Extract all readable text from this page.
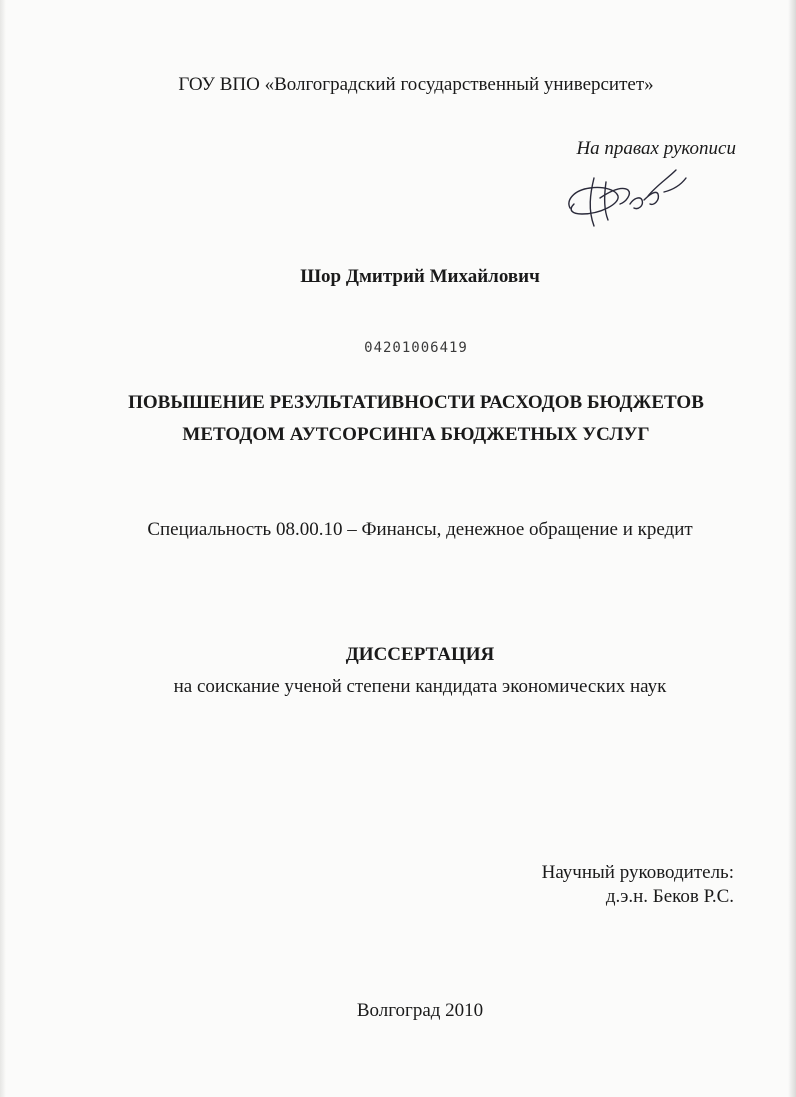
ГОУ ВПО «Волгоградский государственный университет»
На правах рукописи
Шор Дмитрий Михайлович
04201006419
ПОВЫШЕНИЕ РЕЗУЛЬТАТИВНОСТИ РАСХОДОВ БЮДЖЕТОВ
МЕТОДОМ АУТСОРСИНГА БЮДЖЕТНЫХ УСЛУГ
Специальность 08.00.10 – Финансы, денежное обращение и кредит
ДИССЕРТАЦИЯ
на соискание ученой степени кандидата экономических наук
Научный руководитель:
д.э.н. Беков Р.С.
Волгоград 2010
